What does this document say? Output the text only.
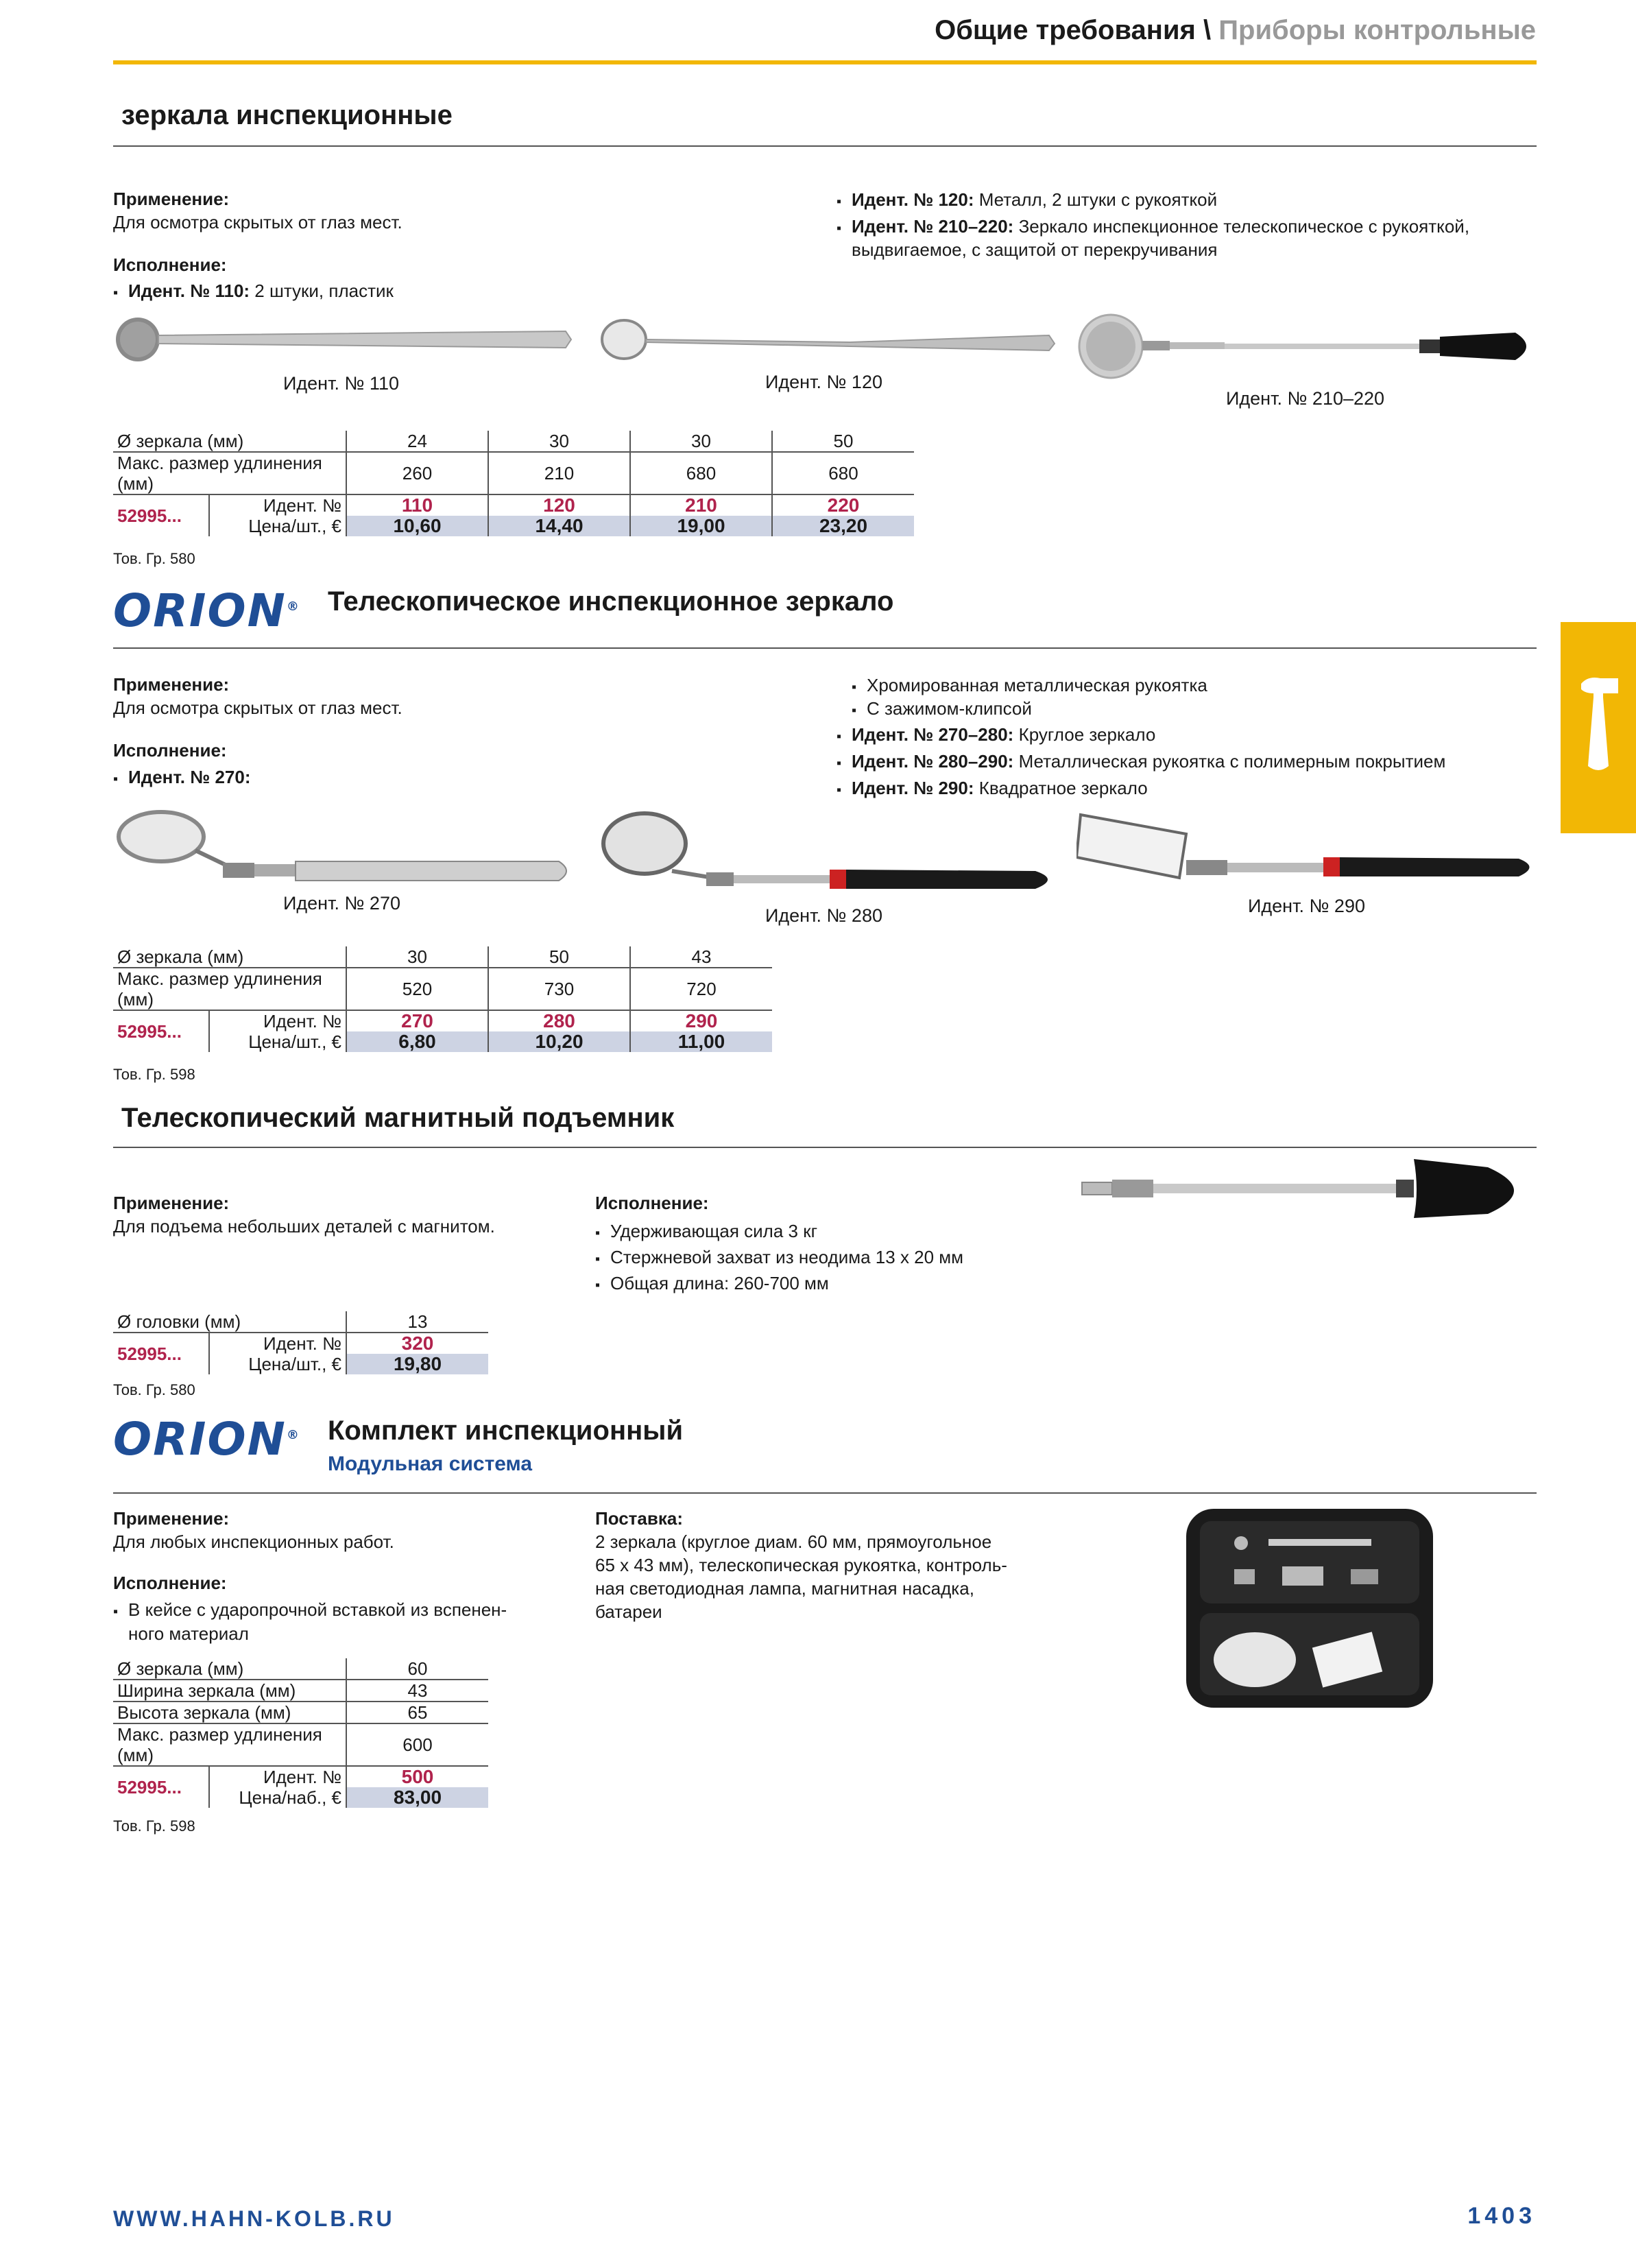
Общие требования \ Приборы контрольные
зеркала инспекционные
Применение:
Для осмотра скрытых от глаз мест.
Исполнение:
▪ Идент. № 110: 2 штуки, пластик
▪ Идент. № 120: Металл, 2 штуки с рукояткой
▪ Идент. № 210–220: Зеркало инспекционное телескопическое с рукояткой,
выдвигаемое, с защитой от перекручивания
Идент. № 110	Идент. № 120
Идент. № 210–220
Ø зеркала (мм)		24	30	30	50
Макс. размер удлинения (мм)		260	210	680	680
52995...	Идент. №	110	120	210	220
	Цена/шт., €	10,60	14,40	19,00	23,20
Тов. Гр. 580
ORION® Телескопическое инспекционное зеркало
Применение:
Для осмотра скрытых от глаз мест.
Исполнение:
▪ Идент. № 270:
▪ Хромированная металлическая рукоятка
▪ С зажимом-клипсой
▪ Идент. № 270–280: Круглое зеркало
▪ Идент. № 280–290: Металлическая рукоятка с полимерным покрытием
▪ Идент. № 290: Квадратное зеркало
Идент. № 270
Идент. № 280	Идент. № 290
Ø зеркала (мм)		30	50	43
Макс. размер удлинения (мм)		520	730	720
52995...	Идент. №	270	280	290
	Цена/шт., €	6,80	10,20	11,00
Тов. Гр. 598
Телескопический магнитный подъемник
Применение:
Для подъема небольших деталей с магнитом.
Исполнение:
▪ Удерживающая сила 3 кг
▪ Стержневой захват из неодима 13 x 20 мм
▪ Общая длина: 260-700 мм
Ø головки (мм)		13
52995...	Идент. №	320
	Цена/шт., €	19,80
Тов. Гр. 580
ORION® Комплект инспекционный
Модульная система
Применение:
Для любых инспекционных работ.
Исполнение:
▪ В кейсе с ударопрочной вставкой из вспенен-
ного материал
Поставка:
2 зеркала (круглое диам. 60 мм, прямоугольное
65 x 43 мм), телескопическая рукоятка, контроль-
ная светодиодная лампа, магнитная насадка,
батареи
Ø зеркала (мм)		60
Ширина зеркала (мм)		43
Высота зеркала (мм)		65
Макс. размер удлинения (мм)		600
52995...	Идент. №	500
	Цена/наб., €	83,00
Тов. Гр. 598
WWW.HAHN-KOLB.RU	1403
